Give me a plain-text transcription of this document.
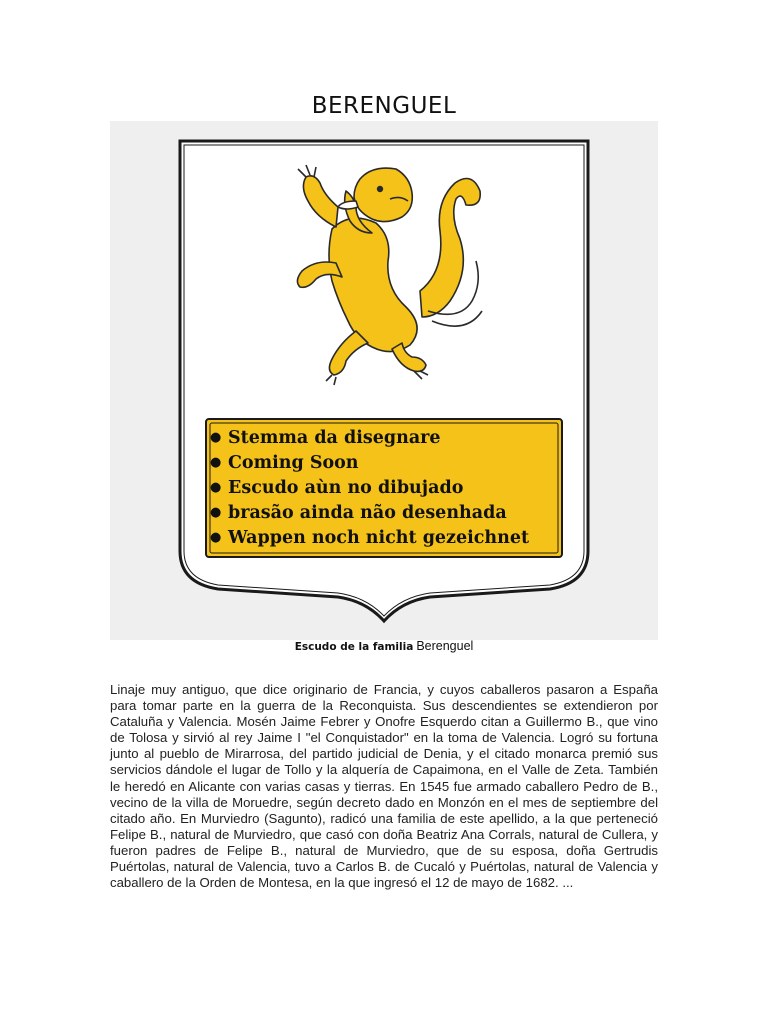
BERENGUEL
● Stemma da disegnare
● Coming Soon
● Escudo aùn no dibujado
● brasão ainda não desenhada
● Wappen noch nicht gezeichnet
Escudo de la familia Berenguel

Linaje muy antiguo, que dice originario de Francia, y cuyos caballeros pasaron a España para tomar parte en la guerra de la Reconquista. Sus descendientes se extendieron por Cataluña y Valencia. Mosén Jaime Febrer y Onofre Esquerdo citan a Guillermo B., que vino de Tolosa y sirvió al rey Jaime I "el Conquistador" en la toma de Valencia. Logró su fortuna junto al pueblo de Mirarrosa, del partido judicial de Denia, y el citado monarca premió sus servicios dándole el lugar de Tollo y la alquería de Capaimona, en el Valle de Zeta. También le heredó en Alicante con varias casas y tierras. En 1545 fue armado caballero Pedro de B., vecino de la villa de Moruedre, según decreto dado en Monzón en el mes de septiembre del citado año. En Murviedro (Sagunto), radicó una familia de este apellido, a la que perteneció Felipe B., natural de Murviedro, que casó con doña Beatriz Ana Corrals, natural de Cullera, y fueron padres de Felipe B., natural de Murviedro, que de su esposa, doña Gertrudis Puértolas, natural de Valencia, tuvo a Carlos B. de Cucaló y Puértolas, natural de Valencia y caballero de la Orden de Montesa, en la que ingresó el 12 de mayo de 1682. ...
